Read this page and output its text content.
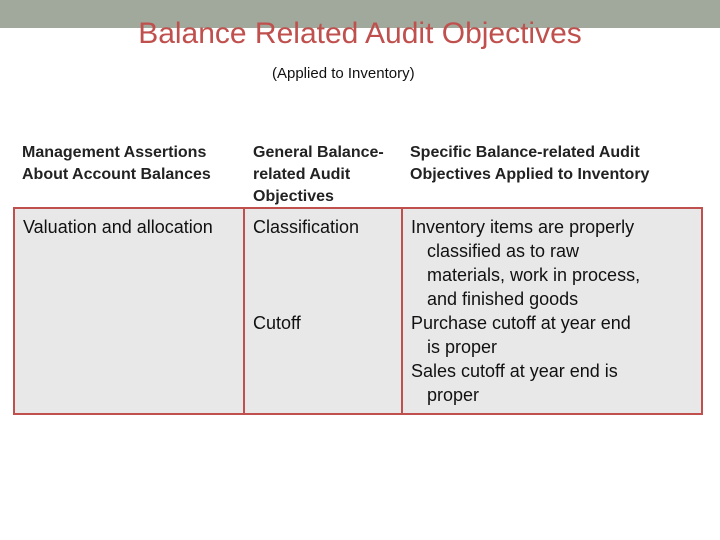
Balance Related Audit Objectives
(Applied to Inventory)
Management Assertions About Account Balances
General Balance-related Audit Objectives
Specific Balance-related Audit Objectives Applied to Inventory
Valuation and allocation	Classification
Cutoff
Inventory items are properly
classified as to raw
materials, work in process,
and finished goods
Purchase cutoff at year end
is proper
Sales cutoff at year end is
proper
